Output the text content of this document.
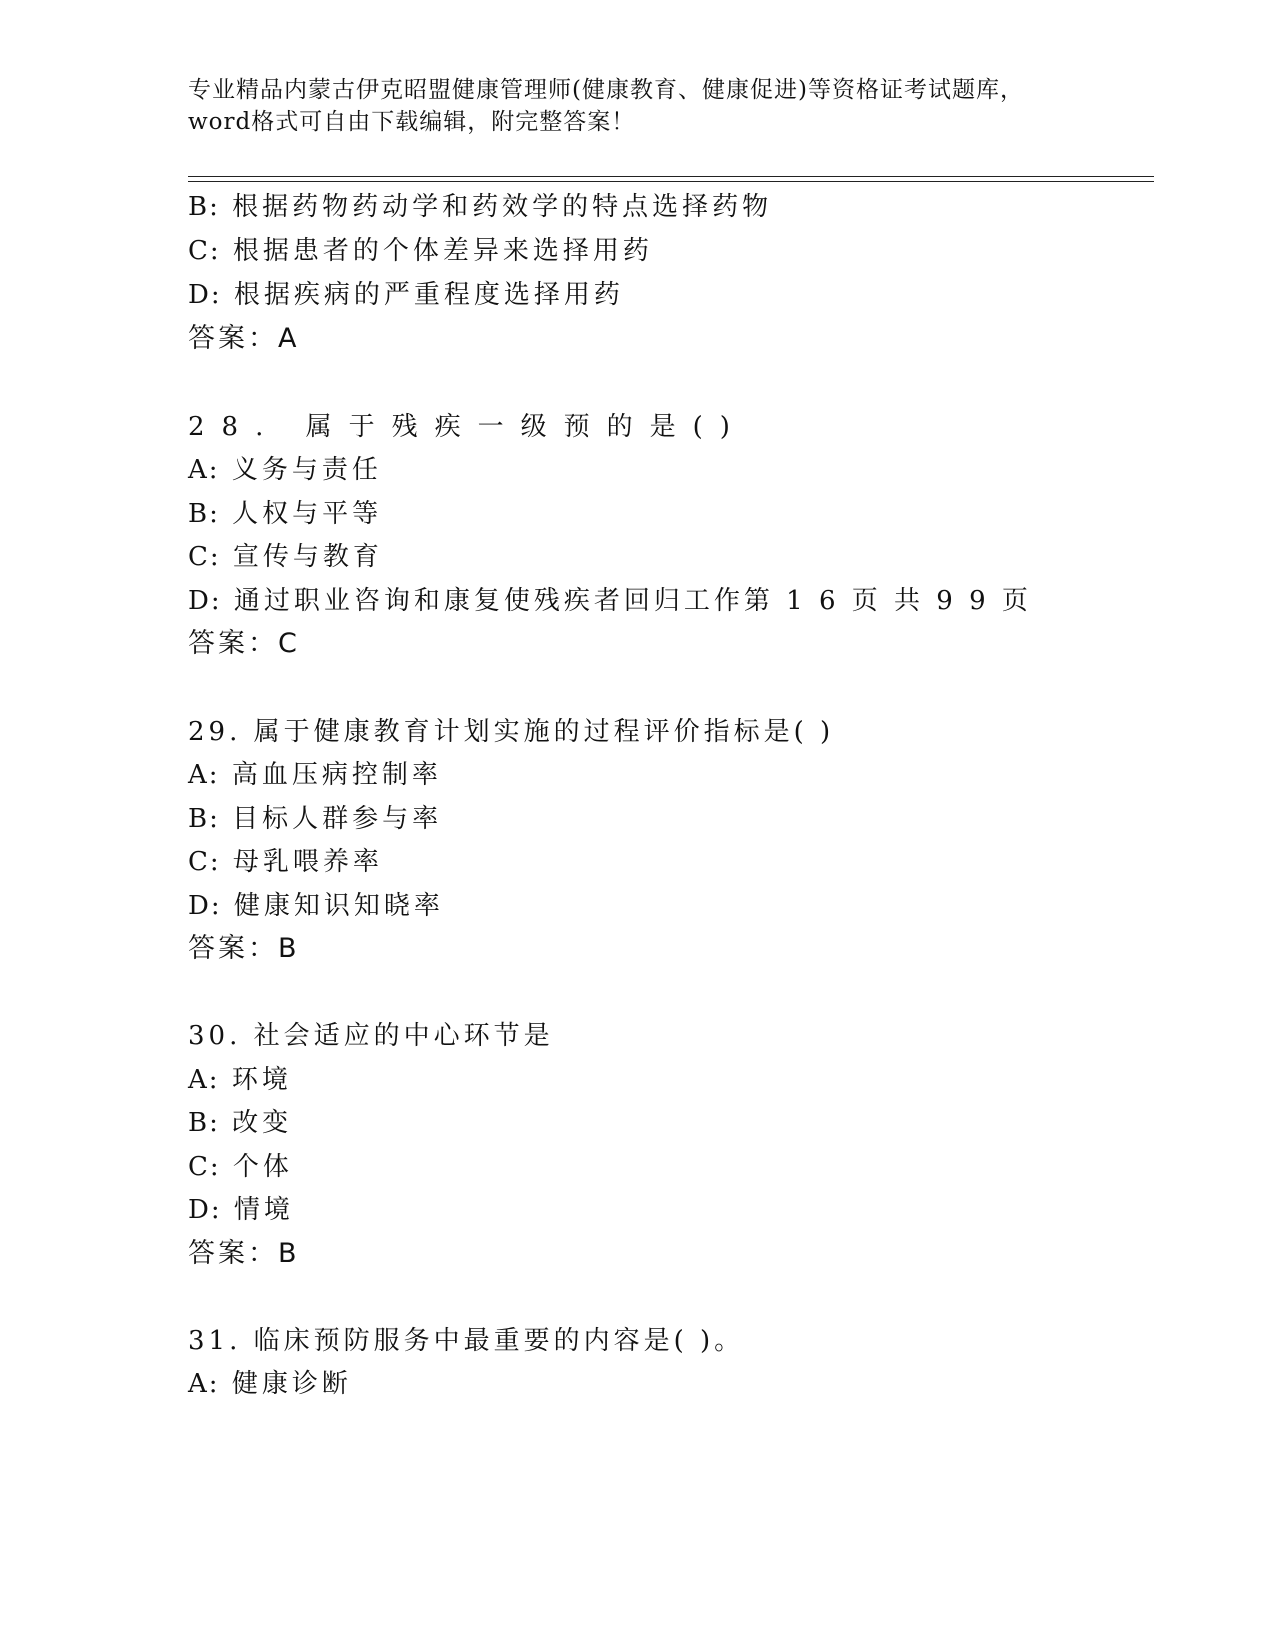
专业精品内蒙古伊克昭盟健康管理师(健康教育、健康促进)等资格证考试题库，
word格式可自由下载编辑，附完整答案！
B: 根据药物药动学和药效学的特点选择药物
C: 根据患者的个体差异来选择用药
D: 根据疾病的严重程度选择用药
答案：A
28. 属于残疾一级预的是()
A: 义务与责任
B: 人权与平等
C: 宣传与教育
D: 通过职业咨询和康复使残疾者回归工作第 1 6 页 共 9 9 页
答案：C
29. 属于健康教育计划实施的过程评价指标是( )
A: 高血压病控制率
B: 目标人群参与率
C: 母乳喂养率
D: 健康知识知晓率
答案：B
30. 社会适应的中心环节是
A: 环境
B: 改变
C: 个体
D: 情境
答案：B
31. 临床预防服务中最重要的内容是( )。
A: 健康诊断
